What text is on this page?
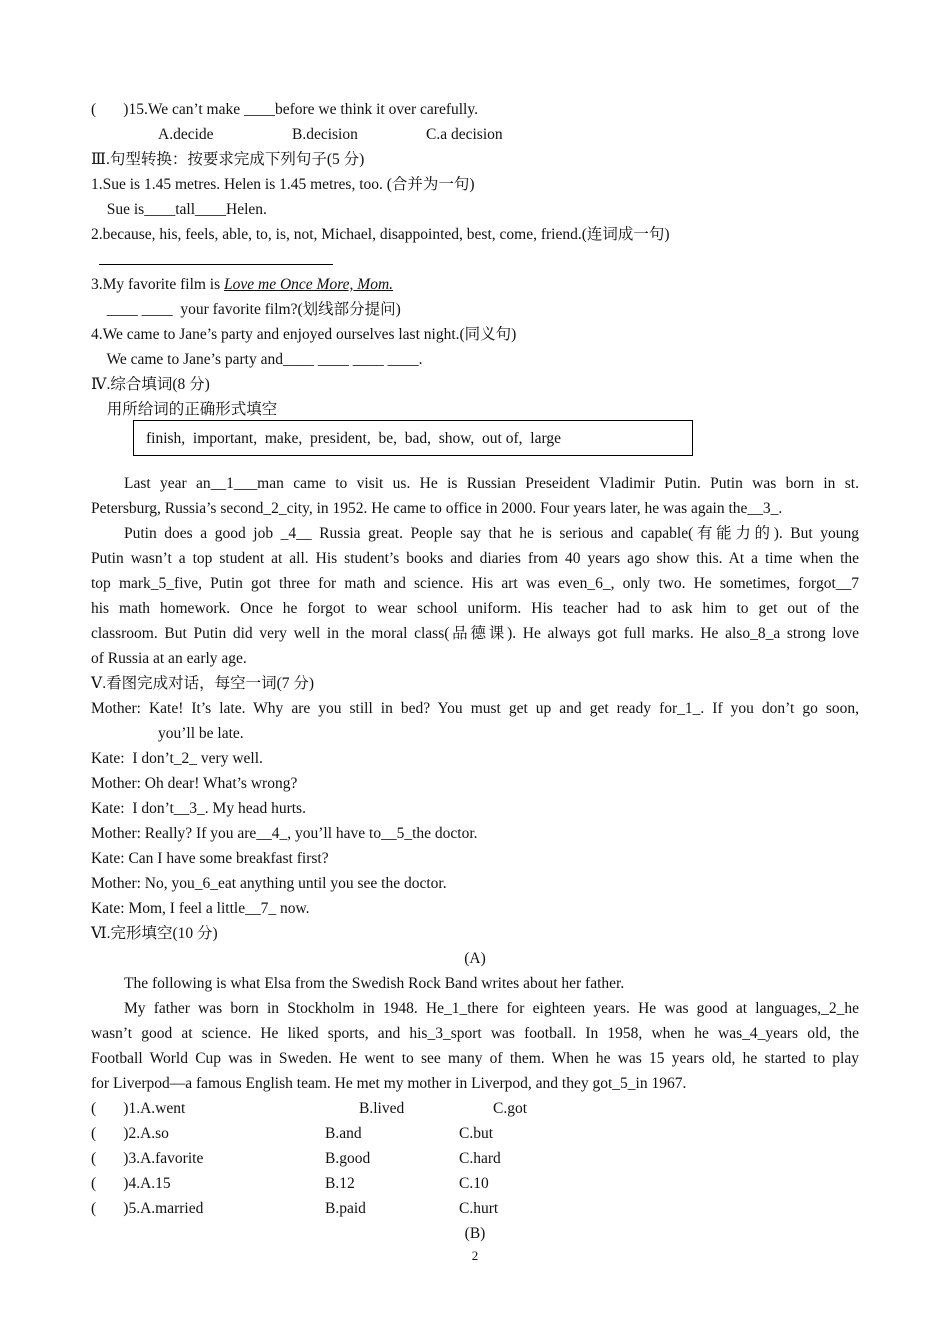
(       )15.We can’t make ____before we think it over carefully.
A.decide	B.decision	C.a decision
Ⅲ.句型转换：按要求完成下列句子(5 分)
1.Sue is 1.45 metres. Helen is 1.45 metres, too. (合并为一句)
Sue is____tall____Helen.
2.because, his, feels, able, to, is, not, Michael, disappointed, best, come, friend.(连词成一句)
3.My favorite film is Love me Once More, Mom.
____ ____  your favorite film?(划线部分提问)
4.We came to Jane’s party and enjoyed ourselves last night.(同义句)
We came to Jane’s party and____ ____ ____ ____.
Ⅳ.综合填词(8 分)
用所给词的正确形式填空
finish,  important,  make,  president,  be,  bad,  show,  out of,  large
Last year an__1___man came to visit us. He is Russian Preseident Vladimir Putin. Putin was born in st.
Petersburg, Russia’s second_2_city, in 1952. He came to office in 2000. Four years later, he was again the__3_.
Putin does a good job _4__ Russia great. People say that he is serious and capable(有能力的). But young
Putin wasn’t a top student at all. His student’s books and diaries from 40 years ago show this. At a time when the
top mark_5_five, Putin got three for math and science. His art was even_6_, only two. He sometimes, forgot__7
his math homework. Once he forgot to wear school uniform. His teacher had to ask him to get out of the
classroom. But Putin did very well in the moral class(品德课). He always got full marks. He also_8_a strong love
of Russia at an early age.
Ⅴ.看图完成对话，每空一词(7 分)
Mother: Kate! It’s late. Why are you still in bed? You must get up and get ready for_1_. If you don’t go soon,
you’ll be late.
Kate:  I don’t_2_ very well.
Mother: Oh dear! What’s wrong?
Kate:  I don’t__3_. My head hurts.
Mother: Really? If you are__4_, you’ll have to__5_the doctor.
Kate: Can I have some breakfast first?
Mother: No, you_6_eat anything until you see the doctor.
Kate: Mom, I feel a little__7_ now.
Ⅵ.完形填空(10 分)
(A)
The following is what Elsa from the Swedish Rock Band writes about her father.
My father was born in Stockholm in 1948. He_1_there for eighteen years. He was good at languages,_2_he
wasn’t good at science. He liked sports, and his_3_sport was football. In 1958, when he was_4_years old, the
Football World Cup was in Sweden. He went to see many of them. When he was 15 years old, he started to play
for Liverpod—a famous English team. He met my mother in Liverpod, and they got_5_in 1967.
(       )1.A.went	B.lived	C.got
(       )2.A.so	B.and	C.but
(       )3.A.favorite	B.good	C.hard
(       )4.A.15	B.12	C.10
(       )5.A.married	B.paid	C.hurt
(B)
2
